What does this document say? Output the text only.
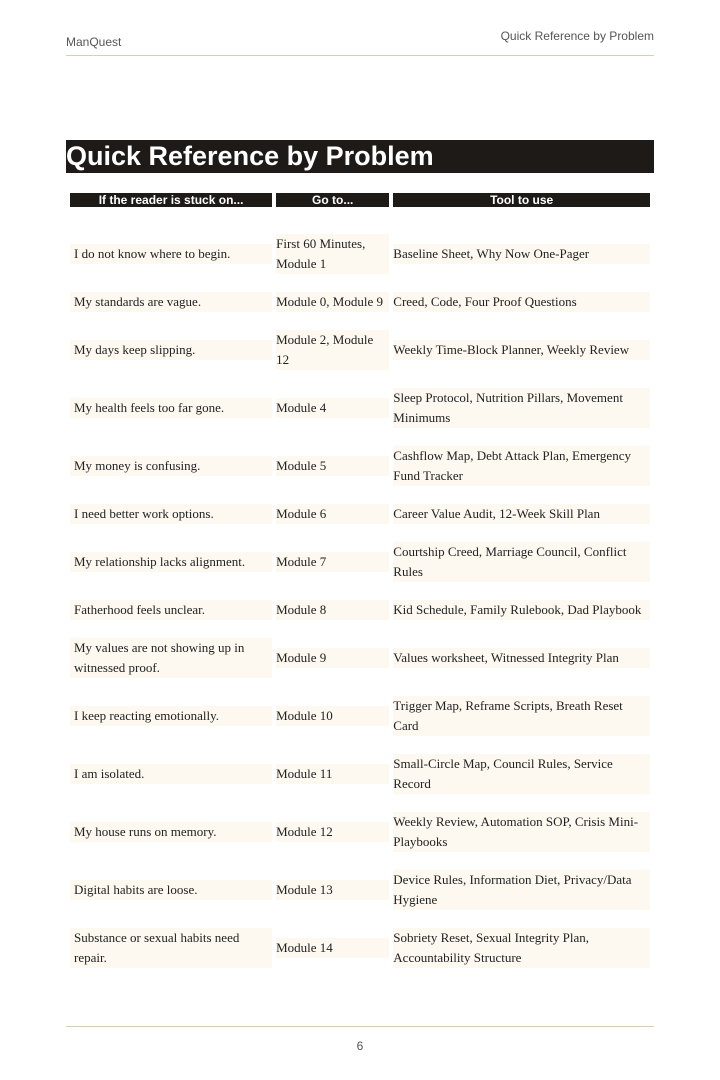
ManQuest	Quick Reference by Problem
Quick Reference by Problem
If the reader is stuck on...	Go to...	Tool to use

I do not know where to begin.	First 60 Minutes, Module 1	Baseline Sheet, Why Now One-Pager

My standards are vague.	Module 0, Module 9	Creed, Code, Four Proof Questions

My days keep slipping.	Module 2, Module 12	Weekly Time-Block Planner, Weekly Review

My health feels too far gone.	Module 4	Sleep Protocol, Nutrition Pillars, Movement Minimums

My money is confusing.	Module 5	Cashflow Map, Debt Attack Plan, Emergency Fund Tracker

I need better work options.	Module 6	Career Value Audit, 12-Week Skill Plan

My relationship lacks alignment.	Module 7	Courtship Creed, Marriage Council, Conflict Rules

Fatherhood feels unclear.	Module 8	Kid Schedule, Family Rulebook, Dad Playbook

My values are not showing up in witnessed proof.	Module 9	Values worksheet, Witnessed Integrity Plan

I keep reacting emotionally.	Module 10	Trigger Map, Reframe Scripts, Breath Reset Card

I am isolated.	Module 11	Small-Circle Map, Council Rules, Service Record

My house runs on memory.	Module 12	Weekly Review, Automation SOP, Crisis Mini-Playbooks

Digital habits are loose.	Module 13	Device Rules, Information Diet, Privacy/Data Hygiene

Substance or sexual habits need repair.	Module 14	Sobriety Reset, Sexual Integrity Plan, Accountability Structure
6
